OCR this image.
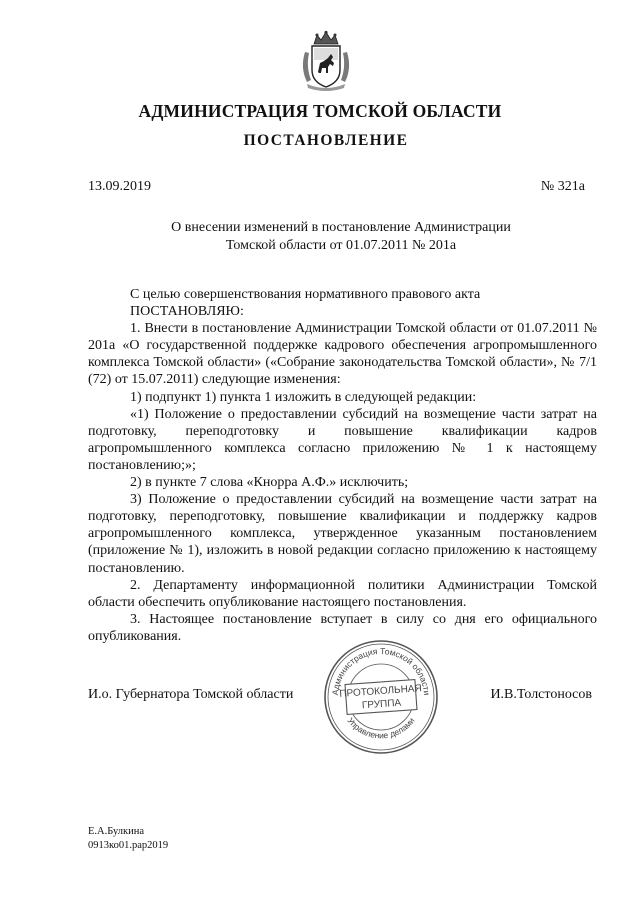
АДМИНИСТРАЦИЯ ТОМСКОЙ ОБЛАСТИ
ПОСТАНОВЛЕНИЕ
13.09.2019	№ 321а
О внесении изменений в постановление Администрации
Томской области от 01.07.2011 № 201а

С целью совершенствования нормативного правового акта

ПОСТАНОВЛЯЮ:

1. Внести в постановление Администрации Томской области от 01.07.2011 № 201а «О государственной поддержке кадрового обеспечения агропромышленного комплекса Томской области» («Собрание законодательства Томской области», № 7/1 (72) от 15.07.2011) следующие изменения:

1) подпункт 1) пункта 1 изложить в следующей редакции:

«1) Положение о предоставлении субсидий на возмещение части затрат на подготовку, переподготовку и повышение квалификации кадров агропромышленного комплекса согласно приложению № 1 к настоящему постановлению;»;

2) в пункте 7 слова «Кнорра А.Ф.» исключить;

3) Положение о предоставлении субсидий на возмещение части затрат на подготовку, переподготовку, повышение квалификации и поддержку кадров агропромышленного комплекса, утвержденное указанным постановлением (приложение № 1), изложить в новой редакции согласно приложению к настоящему постановлению.

2. Департаменту информационной политики Администрации Томской области обеспечить опубликование настоящего постановления.

3. Настоящее постановление вступает в силу со дня его официального опубликования.

Администрация Томской области
Управление делами
ПРОТОКОЛЬНАЯ
ГРУППА
И.о. Губернатора Томской области	И.В.Толстоносов
Е.А.Булкина
0913ко01.рар2019
